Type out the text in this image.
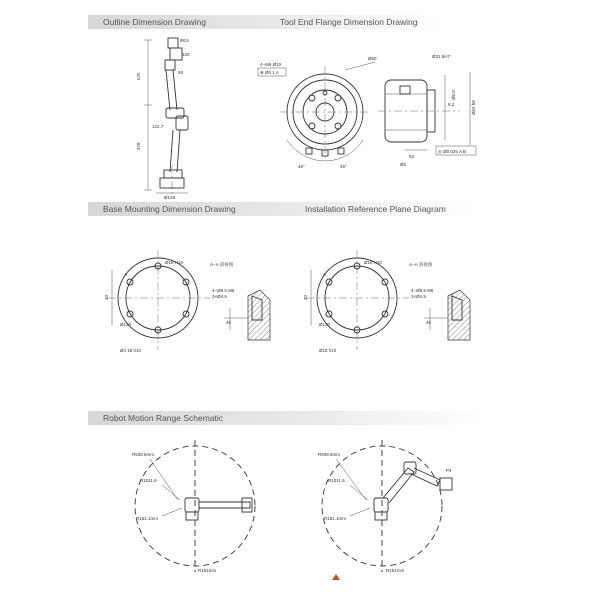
Outline Dimension Drawing	Tool End Flange Dimension Drawing
Base Mounting Dimension Drawing	Installation Reference Plane Diagram
Robot Motion Range Schematic
575
478
98.5
120
9X
122.7
Ø128
45°	45°
Ø50
4−M6 Ø10
⊕ Ø0.1 A
63
Ø5
Ø6.0
Ø63 h8
◎ Ø0.025 A B
8.2
Ø31.5H7
40
Ø18 H10
A
Ø130
Ø4 18 h10
A−A 剖视图
4−Ø8.5 M6
3×Ø4.5
45
40
Ø18 H10
A
Ø130
Ø18 h10
A−A 剖视图
4−Ø8.5 M6
3×Ø4.5
45
R938.5mm
R1011.6
R151.1mm
R151mm
R938.5mm
R1011.6
R151.1mm
P4
R151mm
